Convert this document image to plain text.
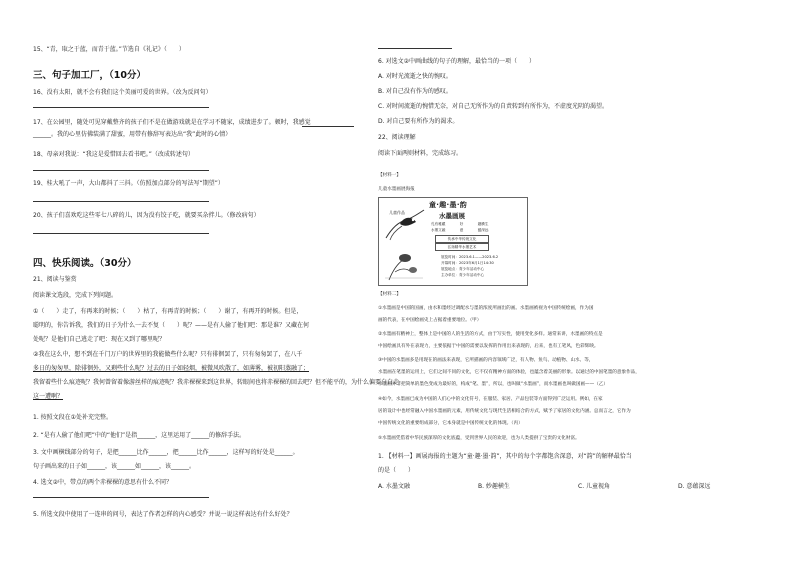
15、“青，取之于蓝，而青于蓝。”节选自《礼记》（　　）
三、句子加工厂，（10分）
16、没有太阳，就不会有我们这个美丽可爱的世界。（改为反问句）
17、在公园里，随处可见穿戴整齐的孩子们不是在做游戏就是在学习不随家，成绩进步了。顿时，我感觉
______。我的心里仿佛装满了甜蜜，用带有修辞写表达出“我”此时的心情）
18、母亲对我说：“我这是爱惜回去看书吧。”（改成转述句）
19、桂大吼了一声，大山都抖了三抖。（仿照加点部分的写法写“期望”）
20、孩子们喜欢吃这些零七八碎的儿，因为没有饺子吃，就要买杂拌儿。（修改病句）
四、快乐阅读。（30分）
21、阅读与鉴赏
阅读课文选段，完成下列问题。
①（　　）走了，有再来的时候；（　　）枯了，有再青的时候；（　　）谢了，有再开的时候。但是，
聪明的，你告诉我，我们的日子为什么一去不复（　　）呢？——是有人偷了他们吧：那是谁？又藏在何
处呢？是他们自己逃走了吧：现在又到了哪里呢？
②我在这么中，想不到在千门万户的世界里的我能做些什么呢？只有徘徊罢了，只有匆匆罢了，在八千
多日的匆匆里，除徘徊外，又剩些什么呢？过去的日子如轻烟，被微风吹散了，如薄雾，被初阳蒸融了；
我留着些什么痕迹呢？我何曾留着像游丝样的痕迹呢？我赤裸裸来到这世界，转眼间也将赤裸裸的回去吧？但不能平的，为什么偏要白白走
这一遭啊？
1. 按照文段在①处补充完整。
2. “是有人偷了他们吧”中的“他们”是指______，这里运用了______的修辞手法。
3. 文中画横线部分的句子，是把______比作______，把______比作______，这样写的好处是______。
句子画出来的日子如______，该______如______，该______。
4. 选文②中，带点的两个赤裸裸的意思有什么不同？
5. 所选文段中使用了一连串的问号，表达了作者怎样的内心感受？并说一说这样表达有什么好处？
6. 对选文②中画曲线的句子的理解，最恰当的一项（　　）
A. 对时光流逝之快的惋叹。
B. 对自己没有作为的感叹。
C. 对时间流逝的惋惜无奈，对自己无所作为的自责转到有所作为，不虚度光阴的渴望。
D. 对自己要有所作为的渴求。
22、阅读理解
阅读下面两则材料，完成练习。
【材料一】
儿童水墨画展海报
童·趣·墨·韵
儿童作品	水墨画展
孔有雅藏　　　　好　　　　趣横生
水墨文融　　　　意　　　　蕴深远
传承中华传统文化
弘扬精华水墨艺术
展览时间：2023.6.1——2023.6.2
开幕时间：2023年6月1日14:30
展览地点：青少年活动中心
主办单位：青少年活动中心
【材料二】
①水墨画是中国的国画，由水和墨经过调配水与墨的浓度所画出的画。水墨画被视为中国传统绘画，作为国
画的代表，在中国绘画史上占据着重要地位。（甲）
②水墨画有精神上，整体上是中国的人的生活的方式，由于写实性，使用变化多样。通常来讲，水墨画的特点是
中国绘画具有外在表现力，主要依据于中国的需要以发挥的作用出来表现的，后来，也有工笔风，色彩辉映。
③中国的水墨画多是用现在的画法来表现，它所描画的内容领域广泛，有人物、鱼鸟、动植物、山水、等，
水墨画在笔墨的运用上，它们之间不同的文化，它不仅有精神方面的体验，也蕴含着美丽的形象。以通过的中国笔墨的意象作品，
水墨画并非把简单的墨色变成为最好的，构成“笔、墨”，所以，也叫做“水墨画”，而水墨画也叫做国画——（乙）
④如今，水墨画已成为中国的人们心中的文化符号，在服装、家居、产品包装等方面得到广泛运用。例如，在家
居的设计中也经常融入中国水墨画的元素，用传统文化与现代生活相结合的方式，赋予了家居的文化内涵。总而言之，它作为
中国传统文化的重要组成部分，它本身就是中国传统文化的体现。（丙）
⑤水墨画凭借着中华民族深厚的文化底蕴，受到世界人民的欢迎，也为人类提供了宝贵的文化财富。
1. 【材料一】画展海报的主题为“童·趣·墨·韵”，其中的每个字都饱含深意，对“韵”的解释最恰当
的是（　　）
A. 水墨文融	B. 妙趣横生	C. 儿童视角	D. 意蕴深远
